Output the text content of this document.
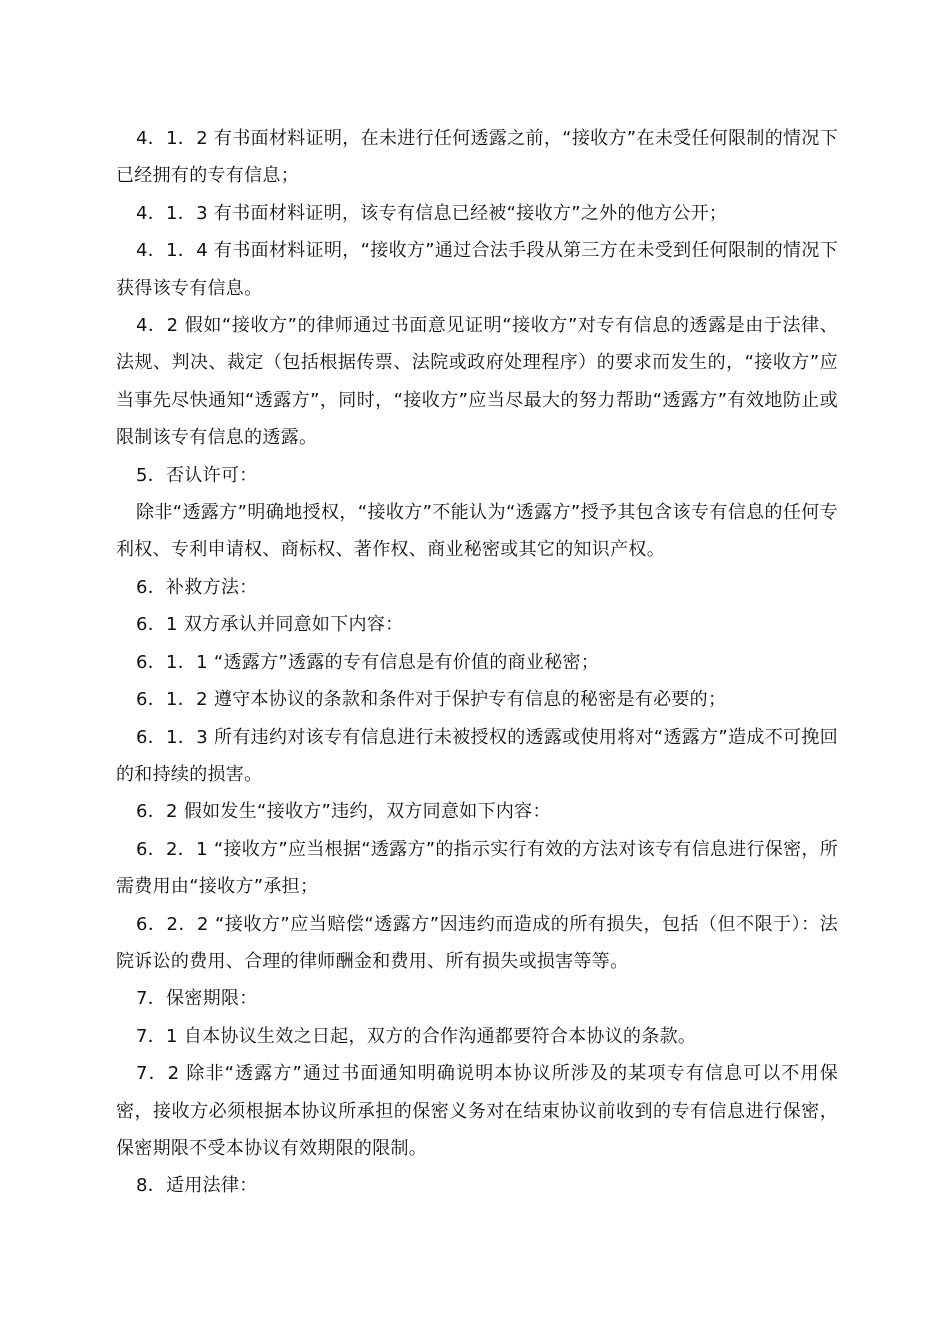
4．1．2 有书面材料证明，在未进行任何透露之前，“接收方”在未受任何限制的情况下已经拥有的专有信息；

4．1．3 有书面材料证明，该专有信息已经被“接收方”之外的他方公开；

4．1．4 有书面材料证明，“接收方”通过合法手段从第三方在未受到任何限制的情况下获得该专有信息。

4．2 假如“接收方”的律师通过书面意见证明“接收方”对专有信息的透露是由于法律、法规、判决、裁定（包括根据传票、法院或政府处理程序）的要求而发生的，“接收方”应当事先尽快通知“透露方”，同时，“接收方”应当尽最大的努力帮助“透露方”有效地防止或限制该专有信息的透露。

5．否认许可：

除非“透露方”明确地授权，“接收方”不能认为“透露方”授予其包含该专有信息的任何专利权、专利申请权、商标权、著作权、商业秘密或其它的知识产权。

6．补救方法：

6．1 双方承认并同意如下内容：

6．1．1 “透露方”透露的专有信息是有价值的商业秘密；

6．1．2 遵守本协议的条款和条件对于保护专有信息的秘密是有必要的；

6．1．3 所有违约对该专有信息进行未被授权的透露或使用将对“透露方”造成不可挽回的和持续的损害。

6．2 假如发生“接收方”违约，双方同意如下内容：

6．2．1 “接收方”应当根据“透露方”的指示实行有效的方法对该专有信息进行保密，所需费用由“接收方”承担；

6．2．2 “接收方”应当赔偿“透露方”因违约而造成的所有损失，包括（但不限于）：法院诉讼的费用、合理的律师酬金和费用、所有损失或损害等等。

7．保密期限：

7．1 自本协议生效之日起，双方的合作沟通都要符合本协议的条款。

7．2 除非“透露方”通过书面通知明确说明本协议所涉及的某项专有信息可以不用保密，接收方必须根据本协议所承担的保密义务对在结束协议前收到的专有信息进行保密，保密期限不受本协议有效期限的限制。

8．适用法律：
